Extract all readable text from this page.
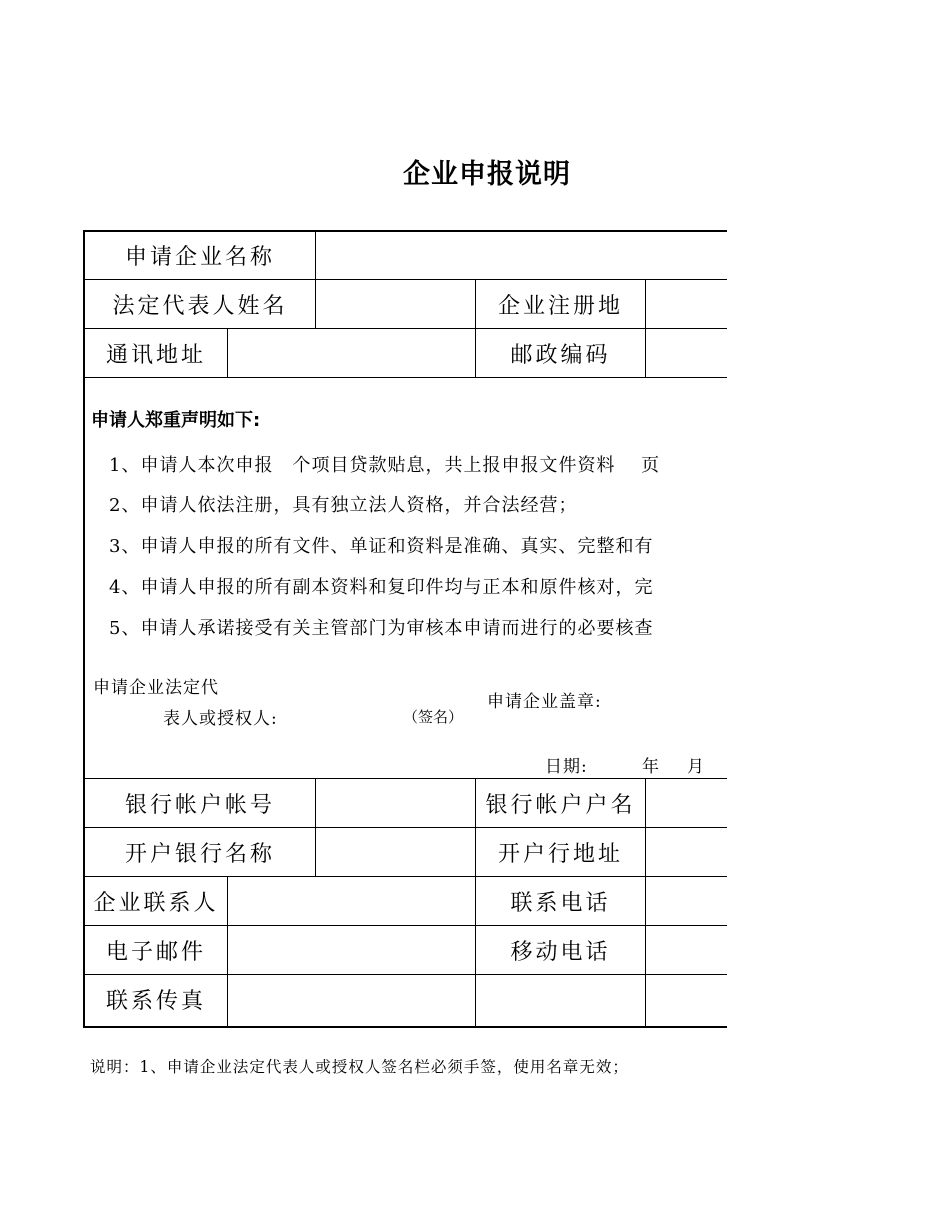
企业申报说明
申请企业名称
法定代表人姓名	企业注册地
通讯地址	邮政编码
申请人郑重声明如下:
1、申请人本次申报　个项目贷款贴息，共上报申报文件资料　 页
2、申请人依法注册，具有独立法人资格，并合法经营；
3、申请人申报的所有文件、单证和资料是准确、真实、完整和有
4、申请人申报的所有副本资料和复印件均与正本和原件核对，完
5、申请人承诺接受有关主管部门为审核本申请而进行的必要核查
申请企业法定代
表人或授权人:	（签名）
申请企业盖章:
日期:	年 月
银行帐户帐号	银行帐户户名
开户银行名称	开户行地址
企业联系人	联系电话
电子邮件	移动电话
联系传真
说明：1、申请企业法定代表人或授权人签名栏必须手签，使用名章无效；
